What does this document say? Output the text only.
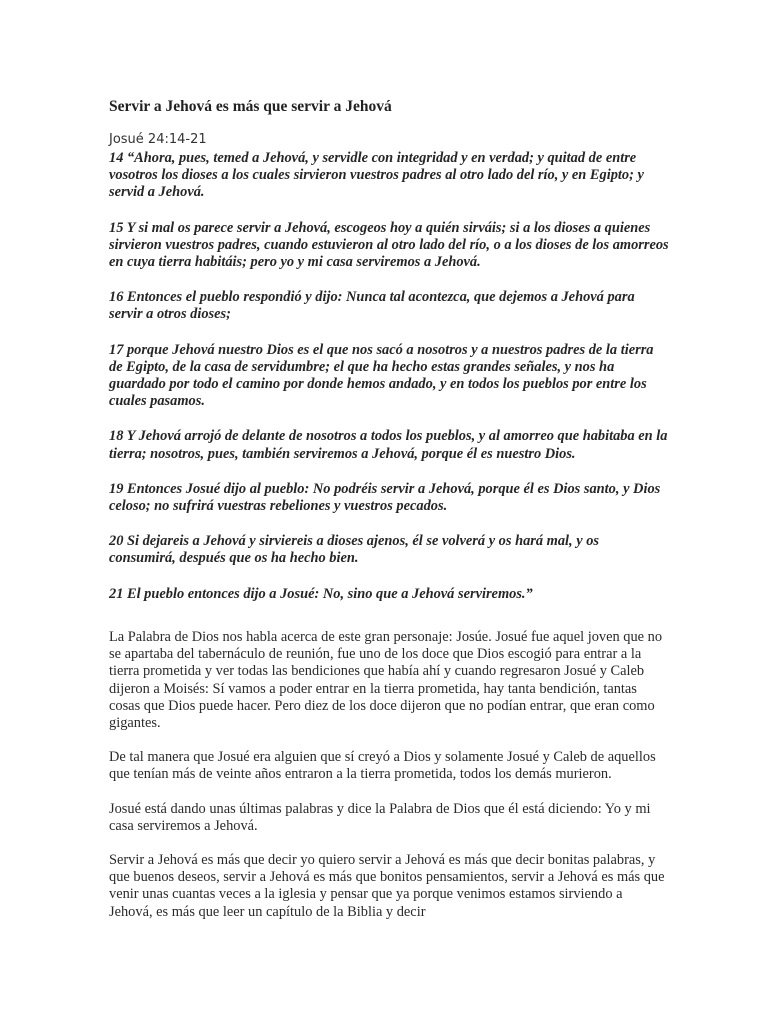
Servir a Jehová es más que servir a Jehová
Josué 24:14-21

14 “Ahora, pues, temed a Jehová, y servidle con integridad y en verdad; y quitad de entre vosotros los dioses a los cuales sirvieron vuestros padres al otro lado del río, y en Egipto; y servid a Jehová.

15 Y si mal os parece servir a Jehová, escogeos hoy a quién sirváis; si a los dioses a quienes sirvieron vuestros padres, cuando estuvieron al otro lado del río, o a los dioses de los amorreos en cuya tierra habitáis; pero yo y mi casa serviremos a Jehová.

16 Entonces el pueblo respondió y dijo: Nunca tal acontezca, que dejemos a Jehová para servir a otros dioses;

17 porque Jehová nuestro Dios es el que nos sacó a nosotros y a nuestros padres de la tierra de Egipto, de la casa de servidumbre; el que ha hecho estas grandes señales, y nos ha guardado por todo el camino por donde hemos andado, y en todos los pueblos por entre los cuales pasamos.

18 Y Jehová arrojó de delante de nosotros a todos los pueblos, y al amorreo que habitaba en la tierra; nosotros, pues, también serviremos a Jehová, porque él es nuestro Dios.

19 Entonces Josué dijo al pueblo: No podréis servir a Jehová, porque él es Dios santo, y Dios celoso; no sufrirá vuestras rebeliones y vuestros pecados.

20 Si dejareis a Jehová y sirviereis a dioses ajenos, él se volverá y os hará mal, y os consumirá, después que os ha hecho bien.

21 El pueblo entonces dijo a Josué: No, sino que a Jehová serviremos.”

La Palabra de Dios nos habla acerca de este gran personaje: Josúe. Josué fue aquel joven que no se apartaba del tabernáculo de reunión, fue uno de los doce que Dios escogió para entrar a la tierra prometida y ver todas las bendiciones que había ahí y cuando regresaron Josué y Caleb dijeron a Moisés: Sí vamos a poder entrar en la tierra prometida, hay tanta bendición, tantas cosas que Dios puede hacer. Pero diez de los doce dijeron que no podían entrar, que eran como gigantes.

De tal manera que Josué era alguien que sí creyó a Dios y solamente Josué y Caleb de aquellos que tenían más de veinte años entraron a la tierra prometida, todos los demás murieron.

Josué está dando unas últimas palabras y dice la Palabra de Dios que él está diciendo: Yo y mi casa serviremos a Jehová.

Servir a Jehová es más que decir yo quiero servir a Jehová es más que decir bonitas palabras, y que buenos deseos, servir a Jehová es más que bonitos pensamientos, servir a Jehová es más que venir unas cuantas veces a la iglesia y pensar que ya porque venimos estamos sirviendo a Jehová, es más que leer un capítulo de la Biblia y decir
